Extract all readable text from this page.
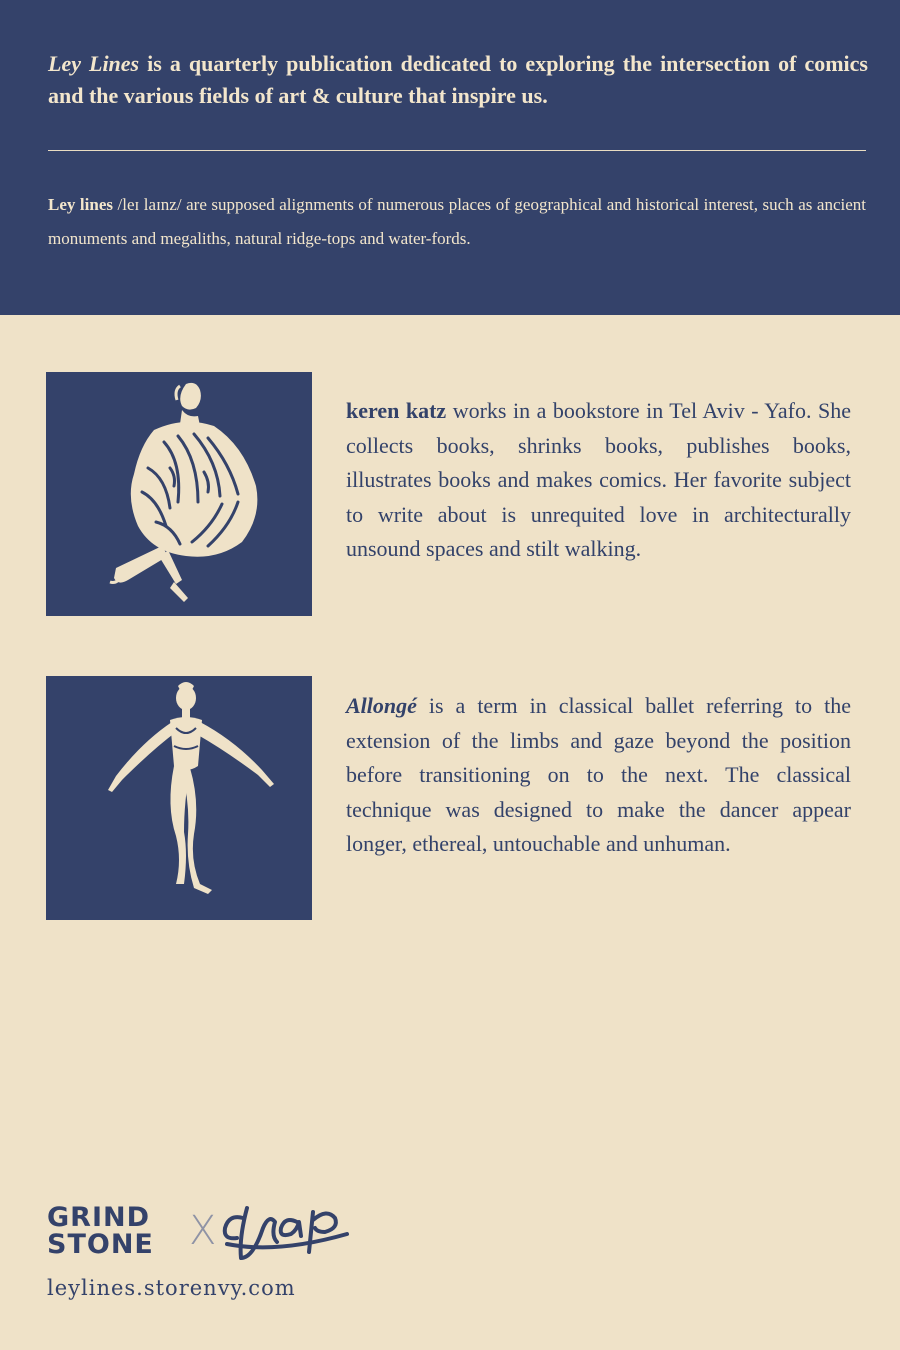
Ley Lines is a quarterly publication dedicated to exploring the intersection of comics and the various fields of art & culture that inspire us.
Ley lines /leɪ laɪnz/ are supposed alignments of numerous places of geographical and historical interest, such as ancient monuments and megaliths, natural ridge-tops and water-fords.
keren katz works in a bookstore in Tel Aviv - Yafo. She collects books, shrinks books, publishes books, illustrates books and makes comics. Her favorite subject to write about is unrequited love in architecturally unsound spaces and stilt walking.
Allongé is a term in classical ballet referring to the extension of the limbs and gaze beyond the position before transitioning on to the next. The classical technique was designed to make the dancer appear longer, ethereal, untouchable and unhuman.
GRIND
STONE X
leylines.storenvy.com
